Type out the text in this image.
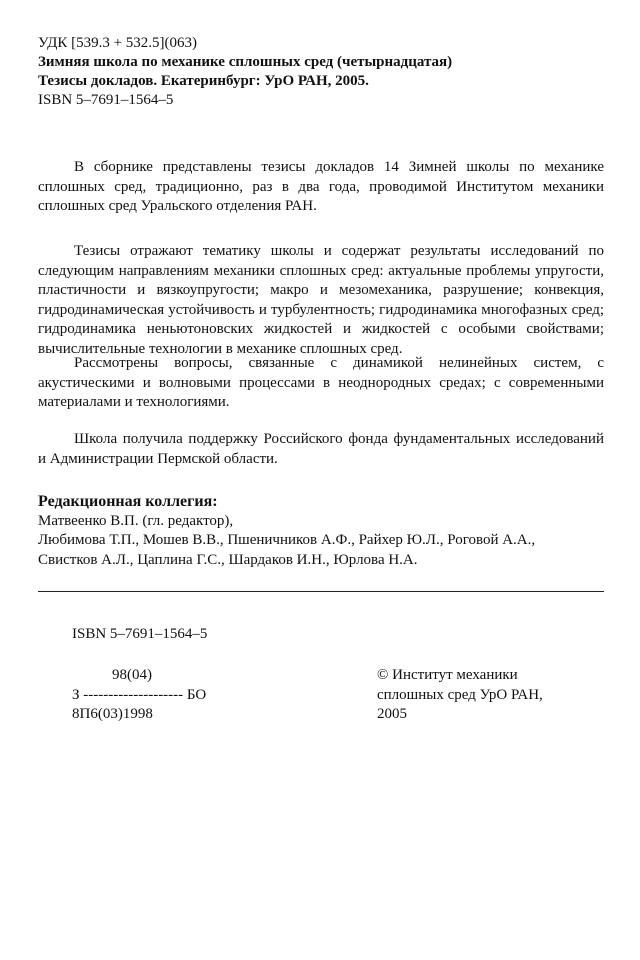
УДК [539.3 + 532.5](063)
Зимняя школа по механике сплошных сред (четырнадцатая)
Тезисы докладов. Екатеринбург: УрО РАН, 2005.
ISBN 5–7691–1564–5

В сборнике представлены тезисы докладов 14 Зимней школы по механике сплошных сред, традиционно, раз в два года, проводимой Институтом механики сплошных сред Уральского отделения РАН.

Тезисы отражают тематику школы и содержат результаты исследований по следующим направлениям механики сплошных сред: актуальные проблемы упругости, пластичности и вязкоупругости; макро и мезомеханика, разрушение; конвекция, гидродинамическая устойчивость и турбулентность; гидродинамика многофазных сред; гидродинамика неньютоновских жидкостей и жидкостей с особыми свойствами; вычислительные технологии в механике сплошных сред.

Рассмотрены вопросы, связанные с динамикой нелинейных систем, с акустическими и волновыми процессами в неоднородных средах; с современными материалами и технологиями.

Школа получила поддержку Российского фонда фундаментальных исследований и Администрации Пермской области.

Редакционная коллегия:
Матвеенко В.П. (гл. редактор),
Любимова Т.П., Мошев В.В., Пшеничников А.Ф., Райхер Ю.Л., Роговой А.А.,
Свистков А.Л., Цаплина Г.С., Шардаков И.Н., Юрлова Н.А.
ISBN 5–7691–1564–5
98(04)
З -------------------- БО
8П6(03)1998
© Институт механики
сплошных сред УрО РАН,
2005
